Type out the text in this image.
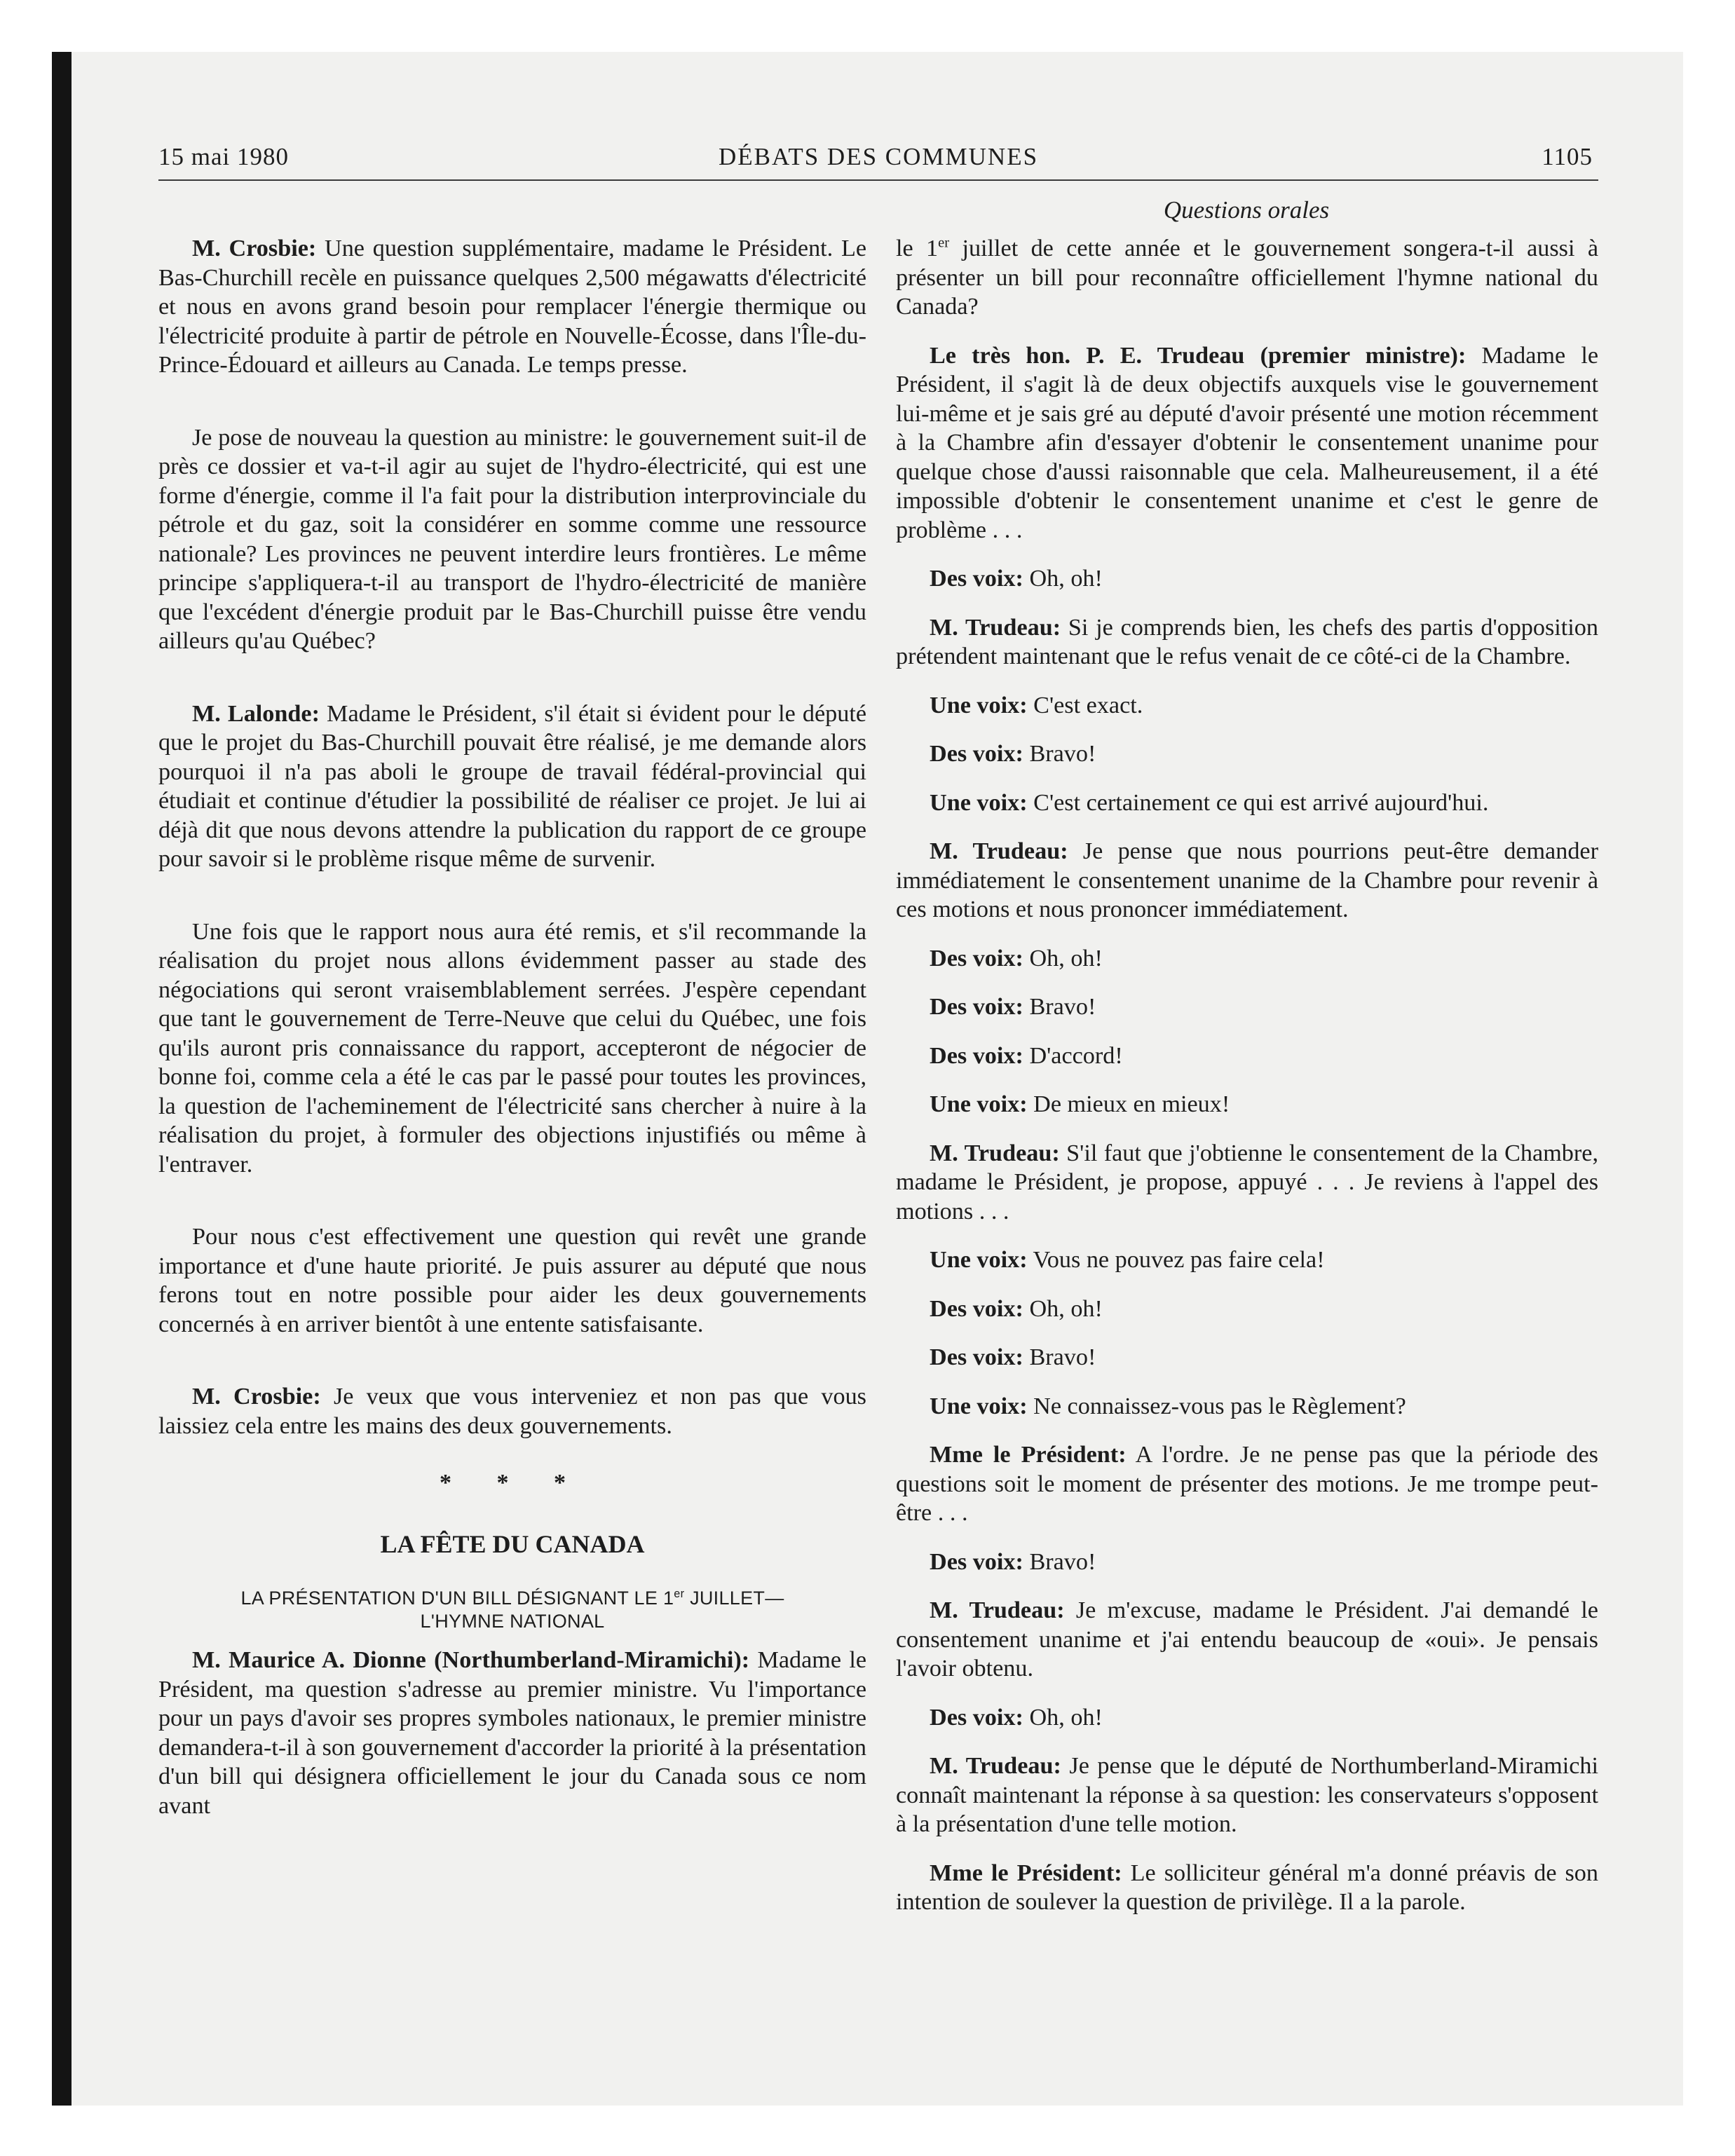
15 mai 1980	DÉBATS DES COMMUNES	1105
Questions orales

M. Crosbie: Une question supplémentaire, madame le Président. Le Bas-Churchill recèle en puissance quelques 2,500 mégawatts d'électricité et nous en avons grand besoin pour remplacer l'énergie thermique ou l'électricité produite à partir de pétrole en Nouvelle-Écosse, dans l'Île-du-Prince-Édouard et ailleurs au Canada. Le temps presse.

Je pose de nouveau la question au ministre: le gouvernement suit-il de près ce dossier et va-t-il agir au sujet de l'hydro-électricité, qui est une forme d'énergie, comme il l'a fait pour la distribution interprovinciale du pétrole et du gaz, soit la considérer en somme comme une ressource nationale? Les provinces ne peuvent interdire leurs frontières. Le même principe s'appliquera-t-il au transport de l'hydro-électricité de manière que l'excédent d'énergie produit par le Bas-Churchill puisse être vendu ailleurs qu'au Québec?

M. Lalonde: Madame le Président, s'il était si évident pour le député que le projet du Bas-Churchill pouvait être réalisé, je me demande alors pourquoi il n'a pas aboli le groupe de travail fédéral-provincial qui étudiait et continue d'étudier la possibilité de réaliser ce projet. Je lui ai déjà dit que nous devons attendre la publication du rapport de ce groupe pour savoir si le problème risque même de survenir.

Une fois que le rapport nous aura été remis, et s'il recommande la réalisation du projet nous allons évidemment passer au stade des négociations qui seront vraisemblablement serrées. J'espère cependant que tant le gouvernement de Terre-Neuve que celui du Québec, une fois qu'ils auront pris connaissance du rapport, accepteront de négocier de bonne foi, comme cela a été le cas par le passé pour toutes les provinces, la question de l'acheminement de l'électricité sans chercher à nuire à la réalisation du projet, à formuler des objections injustifiés ou même à l'entraver.

Pour nous c'est effectivement une question qui revêt une grande importance et d'une haute priorité. Je puis assurer au député que nous ferons tout en notre possible pour aider les deux gouvernements concernés à en arriver bientôt à une entente satisfaisante.

M. Crosbie: Je veux que vous interveniez et non pas que vous laissiez cela entre les mains des deux gouvernements.

* * *
LA FÊTE DU CANADA
LA PRÉSENTATION D'UN BILL DÉSIGNANT LE 1er JUILLET—
L'HYMNE NATIONAL

M. Maurice A. Dionne (Northumberland-Miramichi): Madame le Président, ma question s'adresse au premier ministre. Vu l'importance pour un pays d'avoir ses propres symboles nationaux, le premier ministre demandera-t-il à son gouvernement d'accorder la priorité à la présentation d'un bill qui désignera officiellement le jour du Canada sous ce nom avant

le 1er juillet de cette année et le gouvernement songera-t-il aussi à présenter un bill pour reconnaître officiellement l'hymne national du Canada?

Le très hon. P. E. Trudeau (premier ministre): Madame le Président, il s'agit là de deux objectifs auxquels vise le gouvernement lui-même et je sais gré au député d'avoir présenté une motion récemment à la Chambre afin d'essayer d'obtenir le consentement unanime pour quelque chose d'aussi raisonnable que cela. Malheureusement, il a été impossible d'obtenir le consentement unanime et c'est le genre de problème . . .

Des voix: Oh, oh!

M. Trudeau: Si je comprends bien, les chefs des partis d'opposition prétendent maintenant que le refus venait de ce côté-ci de la Chambre.

Une voix: C'est exact.

Des voix: Bravo!

Une voix: C'est certainement ce qui est arrivé aujourd'hui.

M. Trudeau: Je pense que nous pourrions peut-être demander immédiatement le consentement unanime de la Chambre pour revenir à ces motions et nous prononcer immédiatement.

Des voix: Oh, oh!

Des voix: Bravo!

Des voix: D'accord!

Une voix: De mieux en mieux!

M. Trudeau: S'il faut que j'obtienne le consentement de la Chambre, madame le Président, je propose, appuyé . . . Je reviens à l'appel des motions . . .

Une voix: Vous ne pouvez pas faire cela!

Des voix: Oh, oh!

Des voix: Bravo!

Une voix: Ne connaissez-vous pas le Règlement?

Mme le Président: A l'ordre. Je ne pense pas que la période des questions soit le moment de présenter des motions. Je me trompe peut-être . . .

Des voix: Bravo!

M. Trudeau: Je m'excuse, madame le Président. J'ai demandé le consentement unanime et j'ai entendu beaucoup de «oui». Je pensais l'avoir obtenu.

Des voix: Oh, oh!

M. Trudeau: Je pense que le député de Northumberland-Miramichi connaît maintenant la réponse à sa question: les conservateurs s'opposent à la présentation d'une telle motion.

Mme le Président: Le solliciteur général m'a donné préavis de son intention de soulever la question de privilège. Il a la parole.
